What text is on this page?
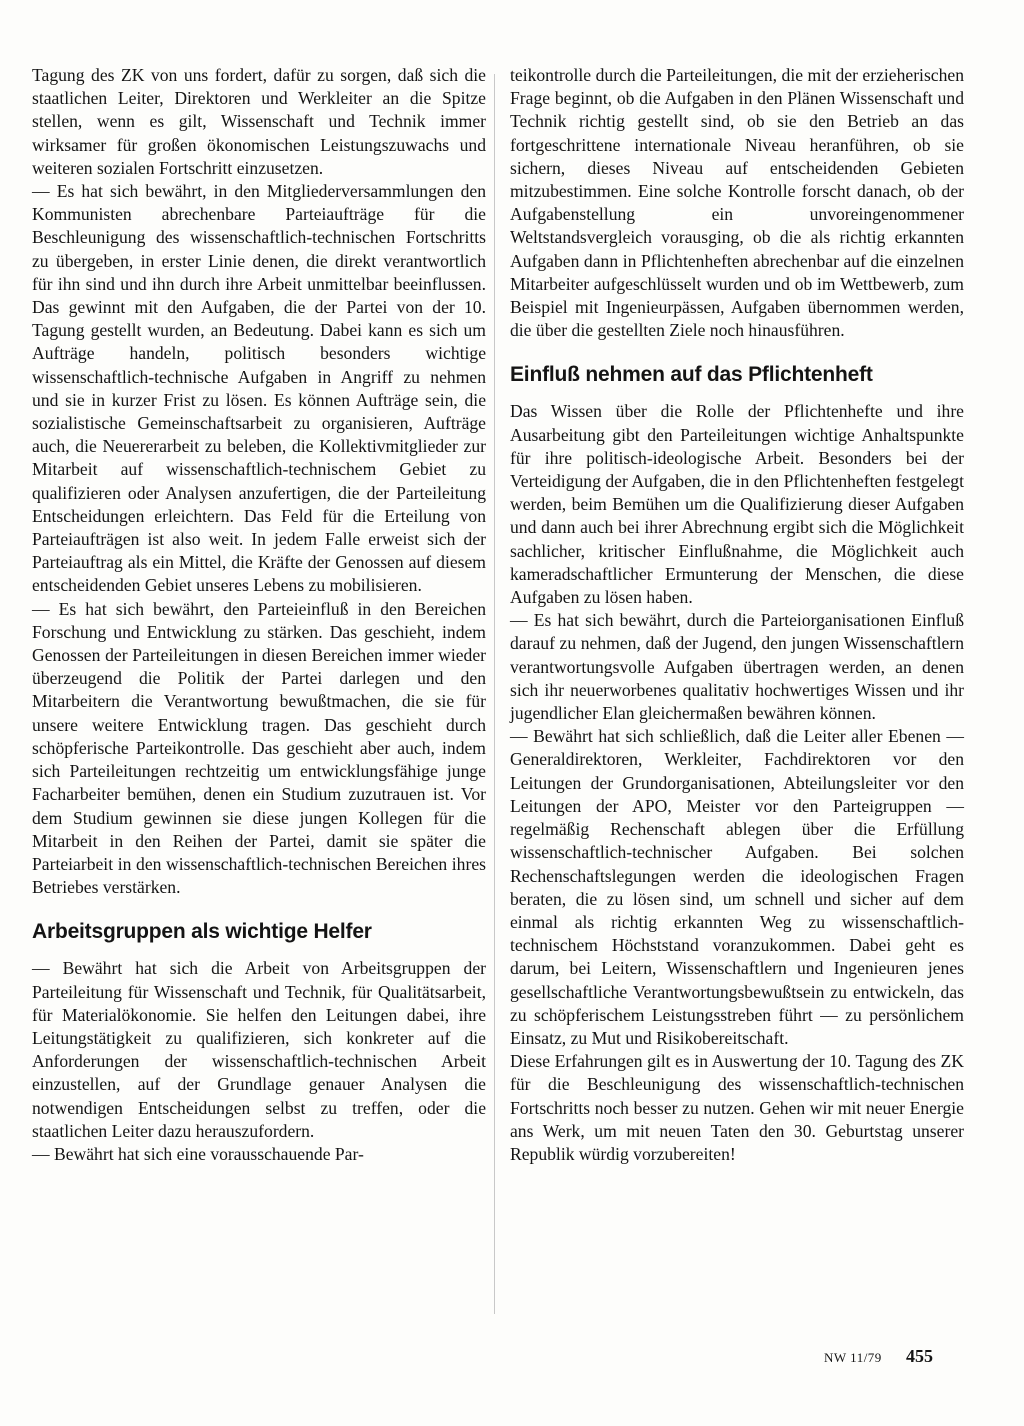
Tagung des ZK von uns fordert, dafür zu sorgen, daß sich die staatlichen Leiter, Direktoren und Werkleiter an die Spitze stellen, wenn es gilt, Wissenschaft und Technik immer wirksamer für großen ökonomischen Leistungszuwachs und weiteren sozialen Fortschritt einzusetzen.

— Es hat sich bewährt, in den Mitgliederversammlungen den Kommunisten abrechenbare Parteiaufträge für die Beschleunigung des wissenschaftlich-technischen Fortschritts zu übergeben, in erster Linie denen, die direkt verantwortlich für ihn sind und ihn durch ihre Arbeit unmittelbar beeinflussen. Das gewinnt mit den Aufgaben, die der Partei von der 10. Tagung gestellt wurden, an Bedeutung. Dabei kann es sich um Aufträge handeln, politisch besonders wichtige wissenschaftlich-technische Aufgaben in Angriff zu nehmen und sie in kurzer Frist zu lösen. Es können Aufträge sein, die sozialistische Gemeinschaftsarbeit zu organisieren, Aufträge auch, die Neuererarbeit zu beleben, die Kollektivmitglieder zur Mitarbeit auf wissenschaftlich-technischem Gebiet zu qualifizieren oder Analysen anzufertigen, die der Parteileitung Entscheidungen erleichtern. Das Feld für die Erteilung von Parteiaufträgen ist also weit. In jedem Falle erweist sich der Parteiauftrag als ein Mittel, die Kräfte der Genossen auf diesem entscheidenden Gebiet unseres Lebens zu mobilisieren.

— Es hat sich bewährt, den Parteieinfluß in den Bereichen Forschung und Entwicklung zu stärken. Das geschieht, indem Genossen der Parteileitungen in diesen Bereichen immer wieder überzeugend die Politik der Partei darlegen und den Mitarbeitern die Verantwortung bewußtmachen, die sie für unsere weitere Entwicklung tragen. Das geschieht durch schöpferische Parteikontrolle. Das geschieht aber auch, indem sich Parteileitungen rechtzeitig um entwicklungsfähige junge Facharbeiter bemühen, denen ein Studium zuzutrauen ist. Vor dem Studium gewinnen sie diese jungen Kollegen für die Mitarbeit in den Reihen der Partei, damit sie später die Parteiarbeit in den wissenschaftlich-technischen Bereichen ihres Betriebes verstärken.

Arbeitsgruppen als wichtige Helfer

— Bewährt hat sich die Arbeit von Arbeitsgruppen der Parteileitung für Wissenschaft und Technik, für Qualitätsarbeit, für Materialökonomie. Sie helfen den Leitungen dabei, ihre Leitungstätigkeit zu qualifizieren, sich konkreter auf die Anforderungen der wissenschaftlich-technischen Arbeit einzustellen, auf der Grundlage genauer Analysen die notwendigen Entscheidungen selbst zu treffen, oder die staatlichen Leiter dazu herauszufordern.

— Bewährt hat sich eine vorausschauende Par-

teikontrolle durch die Parteileitungen, die mit der erzieherischen Frage beginnt, ob die Aufgaben in den Plänen Wissenschaft und Technik richtig gestellt sind, ob sie den Betrieb an das fortgeschrittene internationale Niveau heranführen, ob sie sichern, dieses Niveau auf entscheidenden Gebieten mitzubestimmen. Eine solche Kontrolle forscht danach, ob der Aufgabenstellung ein unvoreingenommener Weltstandsvergleich vorausging, ob die als richtig erkannten Aufgaben dann in Pflichtenheften abrechenbar auf die einzelnen Mitarbeiter aufgeschlüsselt wurden und ob im Wettbewerb, zum Beispiel mit Ingenieurpässen, Aufgaben übernommen werden, die über die gestellten Ziele noch hinausführen.

Einfluß nehmen auf das Pflichtenheft

Das Wissen über die Rolle der Pflichtenhefte und ihre Ausarbeitung gibt den Parteileitungen wichtige Anhaltspunkte für ihre politisch-ideologische Arbeit. Besonders bei der Verteidigung der Aufgaben, die in den Pflichtenheften festgelegt werden, beim Bemühen um die Qualifizierung dieser Aufgaben und dann auch bei ihrer Abrechnung ergibt sich die Möglichkeit sachlicher, kritischer Einflußnahme, die Möglichkeit auch kameradschaftlicher Ermunterung der Menschen, die diese Aufgaben zu lösen haben.

— Es hat sich bewährt, durch die Parteiorganisationen Einfluß darauf zu nehmen, daß der Jugend, den jungen Wissenschaftlern verantwortungsvolle Aufgaben übertragen werden, an denen sich ihr neuerworbenes qualitativ hochwertiges Wissen und ihr jugendlicher Elan gleichermaßen bewähren können.

— Bewährt hat sich schließlich, daß die Leiter aller Ebenen — Generaldirektoren, Werkleiter, Fachdirektoren vor den Leitungen der Grundorganisationen, Abteilungsleiter vor den Leitungen der APO, Meister vor den Parteigruppen — regelmäßig Rechenschaft ablegen über die Erfüllung wissenschaftlich-technischer Aufgaben. Bei solchen Rechenschaftslegungen werden die ideologischen Fragen beraten, die zu lösen sind, um schnell und sicher auf dem einmal als richtig erkannten Weg zu wissenschaftlich-technischem Höchststand voranzukommen. Dabei geht es darum, bei Leitern, Wissenschaftlern und Ingenieuren jenes gesellschaftliche Verantwortungsbewußtsein zu entwickeln, das zu schöpferischem Leistungsstreben führt — zu persönlichem Einsatz, zu Mut und Risikobereitschaft.

Diese Erfahrungen gilt es in Auswertung der 10. Tagung des ZK für die Beschleunigung des wissenschaftlich-technischen Fortschritts noch besser zu nutzen. Gehen wir mit neuer Energie ans Werk, um mit neuen Taten den 30. Geburtstag unserer Republik würdig vorzubereiten!

NW 11/79 455
